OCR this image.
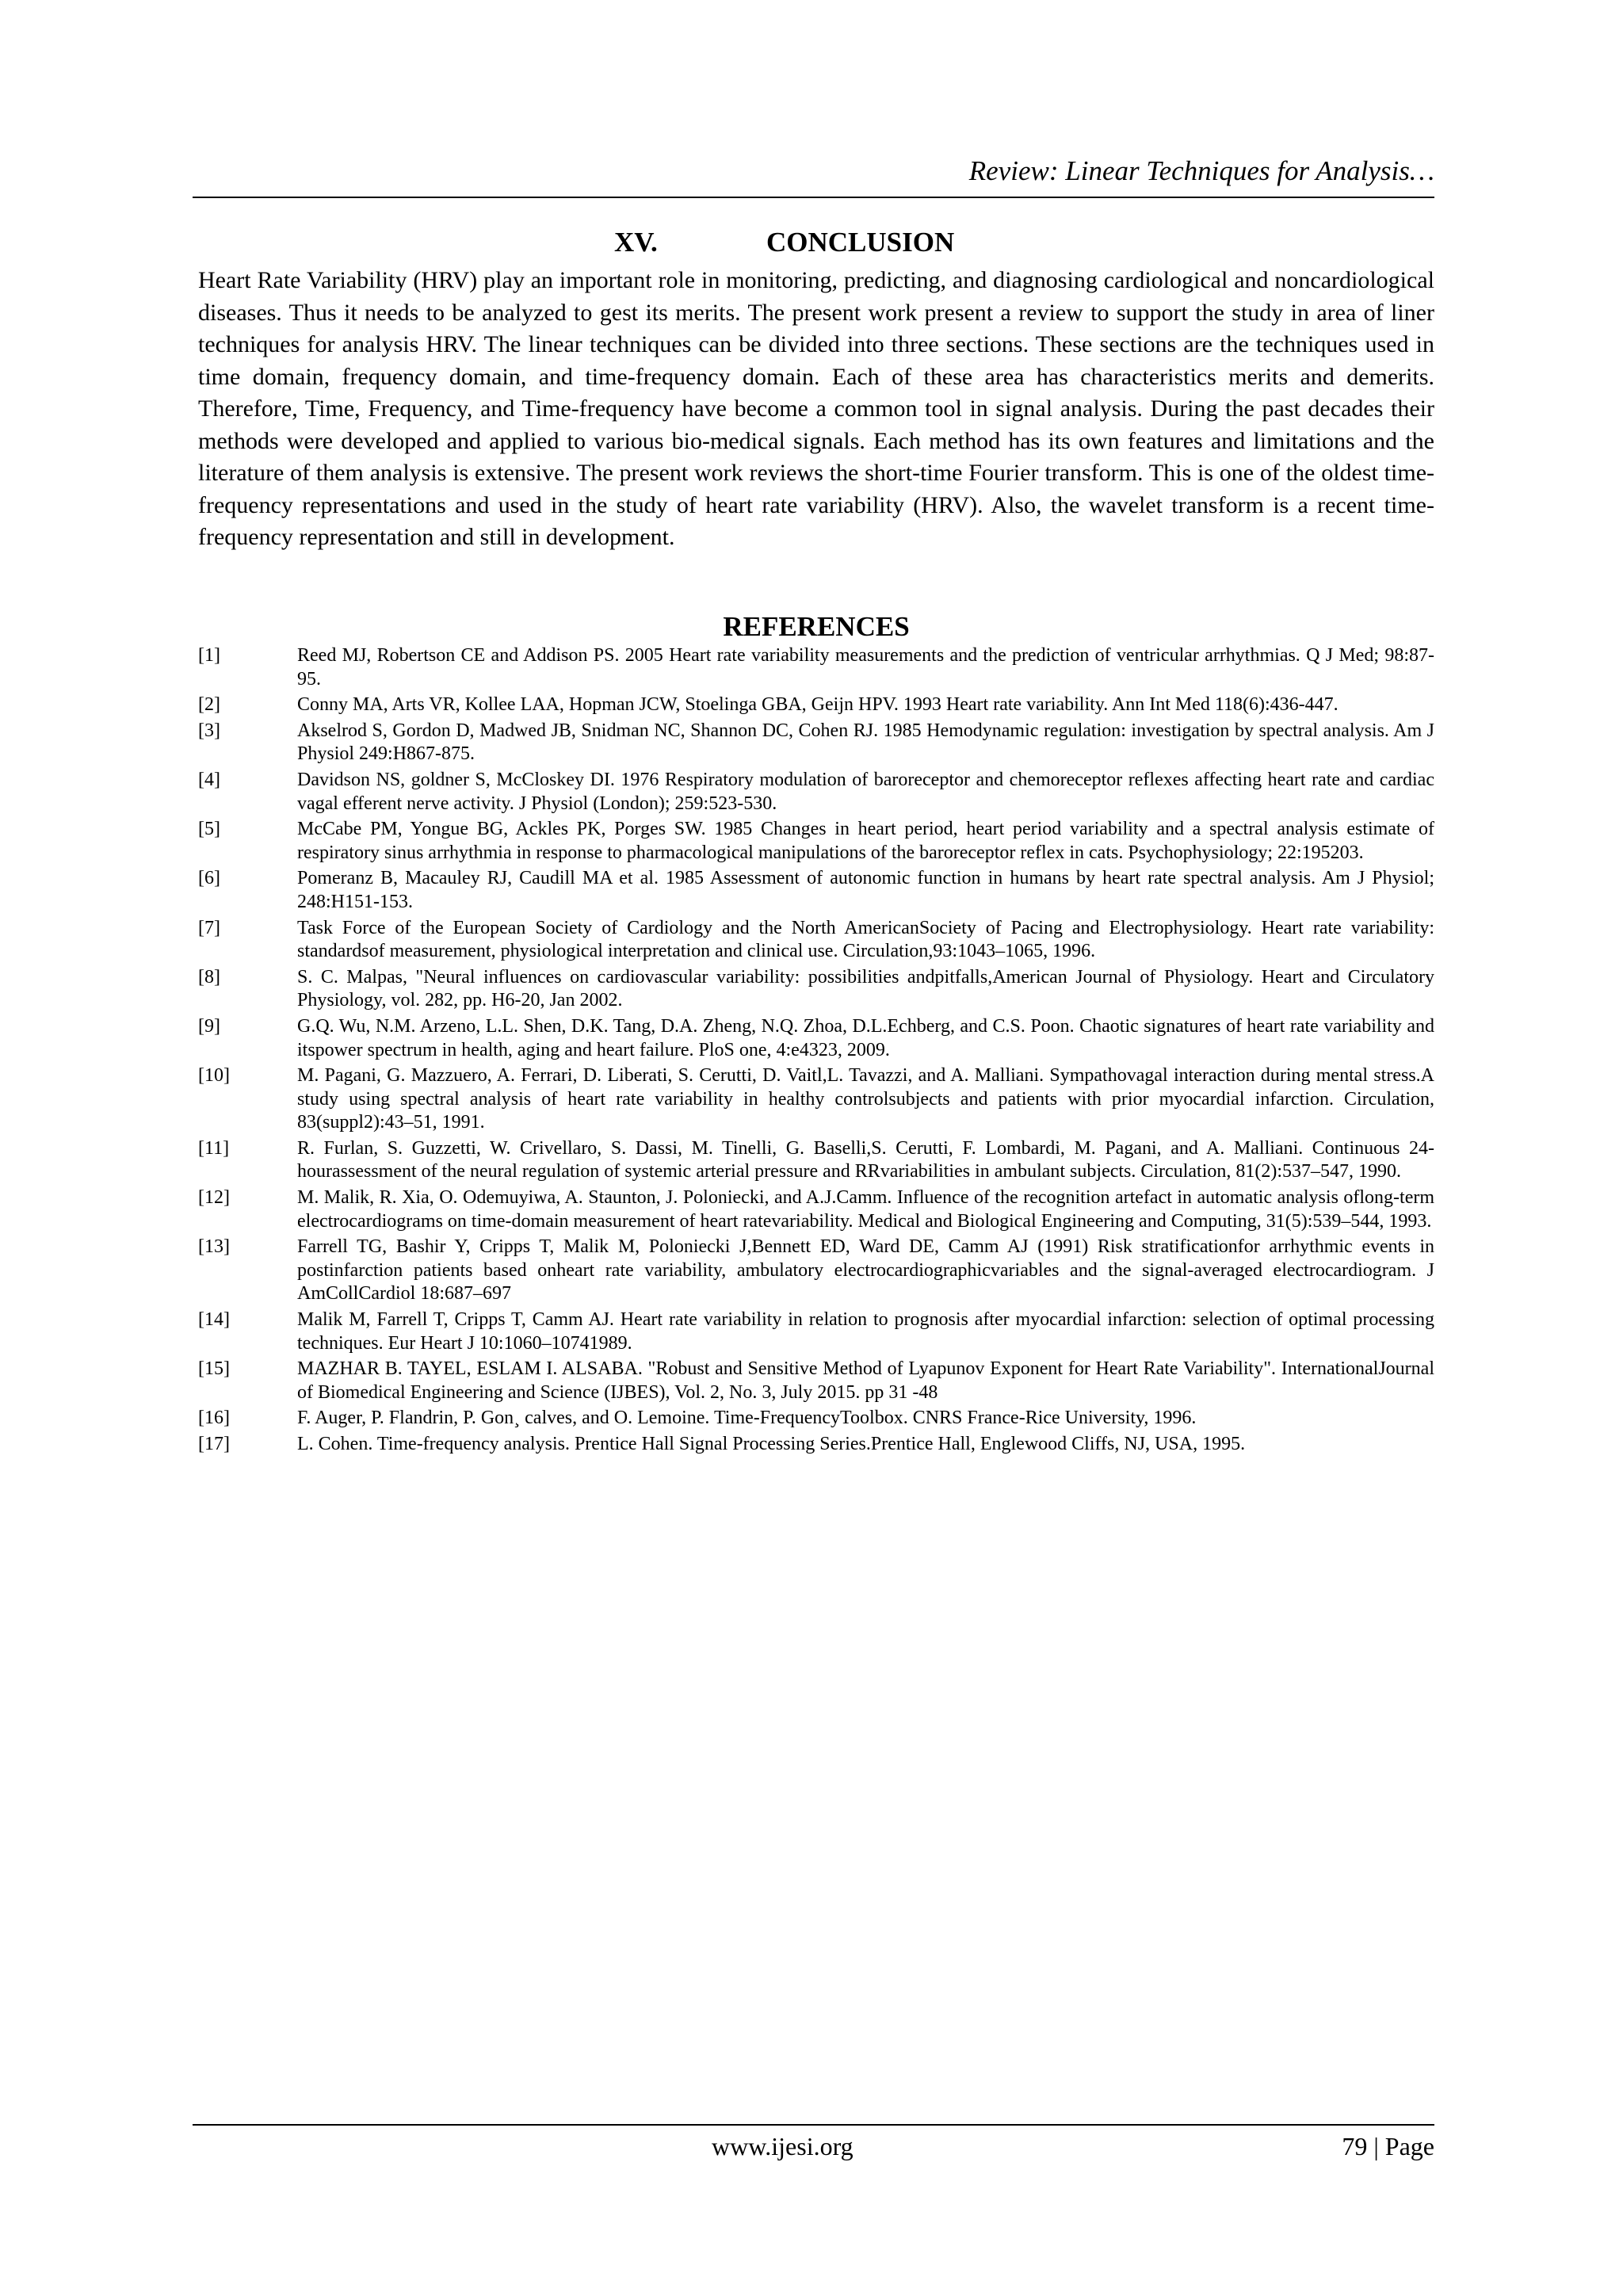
Review: Linear Techniques for Analysis…
XV.	CONCLUSION

Heart Rate Variability (HRV) play an important role in monitoring, predicting, and diagnosing cardiological and noncardiological diseases. Thus it needs to be analyzed to gest its merits. The present work present a review to support the study in area of liner techniques for analysis HRV. The linear techniques can be divided into three sections. These sections are the techniques used in time domain, frequency domain, and time-frequency domain. Each of these area has characteristics merits and demerits. Therefore, Time, Frequency, and Time-frequency have become a common tool in signal analysis. During the past decades their methods were developed and applied to various bio-medical signals. Each method has its own features and limitations and the literature of them analysis is extensive. The present work reviews the short-time Fourier transform. This is one of the oldest time-frequency representations and used in the study of heart rate variability (HRV). Also, the wavelet transform is a recent time-frequency representation and still in development.

REFERENCES
[1]	Reed MJ, Robertson CE and Addison PS. 2005 Heart rate variability measurements and the prediction of ventricular arrhythmias. Q J Med; 98:87-95.
[2]	Conny MA, Arts VR, Kollee LAA, Hopman JCW, Stoelinga GBA, Geijn HPV. 1993 Heart rate variability. Ann Int Med 118(6):436-447.
[3]	Akselrod S, Gordon D, Madwed JB, Snidman NC, Shannon DC, Cohen RJ. 1985 Hemodynamic regulation: investigation by spectral analysis. Am J Physiol 249:H867-875.
[4]	Davidson NS, goldner S, McCloskey DI. 1976 Respiratory modulation of baroreceptor and chemoreceptor reflexes affecting heart rate and cardiac vagal efferent nerve activity. J Physiol (London); 259:523-530.
[5]	McCabe PM, Yongue BG, Ackles PK, Porges SW. 1985 Changes in heart period, heart period variability and a spectral analysis estimate of respiratory sinus arrhythmia in response to pharmacological manipulations of the baroreceptor reflex in cats. Psychophysiology; 22:195203.
[6]	Pomeranz B, Macauley RJ, Caudill MA et al. 1985 Assessment of autonomic function in humans by heart rate spectral analysis. Am J Physiol; 248:H151-153.
[7]	Task Force of the European Society of Cardiology and the North AmericanSociety of Pacing and Electrophysiology. Heart rate variability: standardsof measurement, physiological interpretation and clinical use. Circulation,93:1043–1065, 1996.
[8]	S. C. Malpas, "Neural influences on cardiovascular variability: possibilities andpitfalls,American Journal of Physiology. Heart and Circulatory Physiology, vol. 282, pp. H6-20, Jan 2002.
[9]	G.Q. Wu, N.M. Arzeno, L.L. Shen, D.K. Tang, D.A. Zheng, N.Q. Zhoa, D.L.Echberg, and C.S. Poon. Chaotic signatures of heart rate variability and itspower spectrum in health, aging and heart failure. PloS one, 4:e4323, 2009.
[10]	M. Pagani, G. Mazzuero, A. Ferrari, D. Liberati, S. Cerutti, D. Vaitl,L. Tavazzi, and A. Malliani. Sympathovagal interaction during mental stress.A study using spectral analysis of heart rate variability in healthy controlsubjects and patients with prior myocardial infarction. Circulation, 83(suppl2):43–51, 1991.
[11]	R. Furlan, S. Guzzetti, W. Crivellaro, S. Dassi, M. Tinelli, G. Baselli,S. Cerutti, F. Lombardi, M. Pagani, and A. Malliani. Continuous 24-hourassessment of the neural regulation of systemic arterial pressure and RRvariabilities in ambulant subjects. Circulation, 81(2):537–547, 1990.
[12]	M. Malik, R. Xia, O. Odemuyiwa, A. Staunton, J. Poloniecki, and A.J.Camm. Influence of the recognition artefact in automatic analysis oflong-term electrocardiograms on time-domain measurement of heart ratevariability. Medical and Biological Engineering and Computing, 31(5):539–544, 1993.
[13]	Farrell TG, Bashir Y, Cripps T, Malik M, Poloniecki J,Bennett ED, Ward DE, Camm AJ (1991) Risk stratificationfor arrhythmic events in postinfarction patients based onheart rate variability, ambulatory electrocardiographicvariables and the signal-averaged electrocardiogram. J AmCollCardiol 18:687–697
[14]	Malik M, Farrell T, Cripps T, Camm AJ. Heart rate variability in relation to prognosis after myocardial infarction: selection of optimal processing techniques. Eur Heart J 10:1060–10741989.
[15]	MAZHAR B. TAYEL, ESLAM I. ALSABA. "Robust and Sensitive Method of Lyapunov Exponent for Heart Rate Variability". InternationalJournal of Biomedical Engineering and Science (IJBES), Vol. 2, No. 3, July 2015. pp 31 -48
[16]	F. Auger, P. Flandrin, P. Gon¸ calves, and O. Lemoine. Time-FrequencyToolbox. CNRS France-Rice University, 1996.
[17]	L. Cohen. Time-frequency analysis. Prentice Hall Signal Processing Series.Prentice Hall, Englewood Cliffs, NJ, USA, 1995.
www.ijesi.org	79 | Page
